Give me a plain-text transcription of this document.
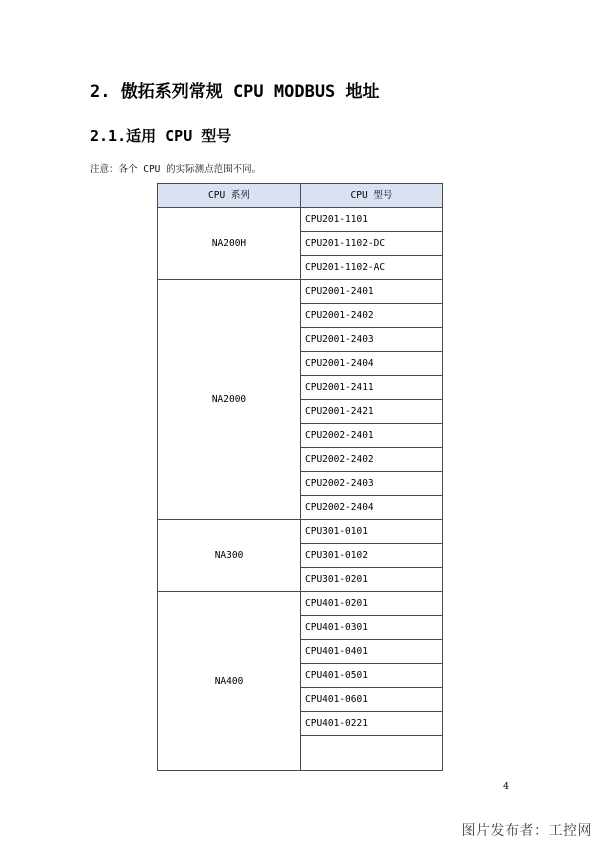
2. 傲拓系列常规 CPU MODBUS 地址
2.1.适用 CPU 型号
注意：各个 CPU 的实际测点范围不同。
CPU 系列	CPU 型号
NA200H	CPU201-1101
	CPU201-1102-DC
	CPU201-1102-AC
NA2000	CPU2001-2401
	CPU2001-2402
	CPU2001-2403
	CPU2001-2404
	CPU2001-2411
	CPU2001-2421
	CPU2002-2401
	CPU2002-2402
	CPU2002-2403
	CPU2002-2404
NA300	CPU301-0101
	CPU301-0102
	CPU301-0201
NA400	CPU401-0201
	CPU401-0301
	CPU401-0401
	CPU401-0501
	CPU401-0601
	CPU401-0221

4
图片发布者：工控网
